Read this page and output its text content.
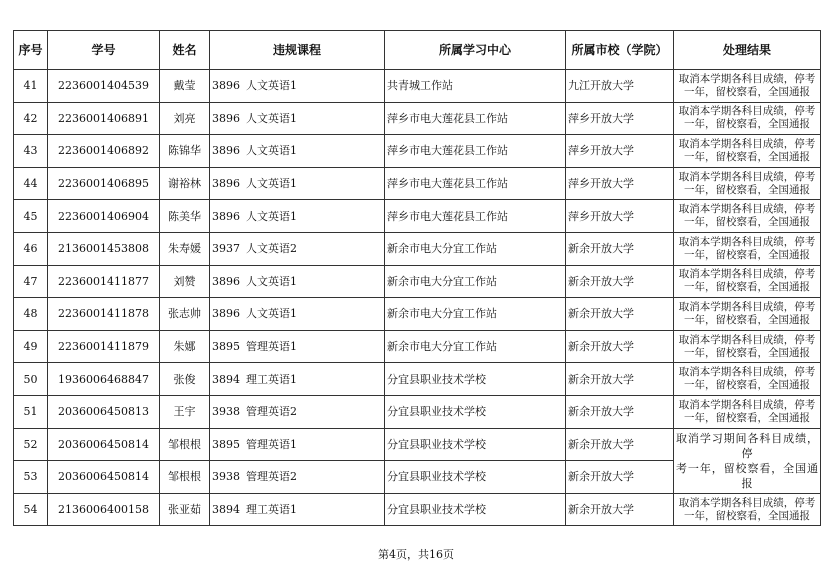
序号	学号	姓名	违规课程	所属学习中心	所属市校（学院）	处理结果
41	2236001404539	戴莹	3896 人文英语1	共青城工作站	九江开放大学	取消本学期各科目成绩，停考
一年，留校察看，全国通报

42	2236001406891	刘亮	3896 人文英语1	萍乡市电大莲花县工作站	萍乡开放大学	取消本学期各科目成绩，停考
一年，留校察看，全国通报

43	2236001406892	陈锦华	3896 人文英语1	萍乡市电大莲花县工作站	萍乡开放大学	取消本学期各科目成绩，停考
一年，留校察看，全国通报

44	2236001406895	谢裕林	3896 人文英语1	萍乡市电大莲花县工作站	萍乡开放大学	取消本学期各科目成绩，停考
一年，留校察看，全国通报

45	2236001406904	陈美华	3896 人文英语1	萍乡市电大莲花县工作站	萍乡开放大学	取消本学期各科目成绩，停考
一年，留校察看，全国通报

46	2136001453808	朱寿媛	3937 人文英语2	新余市电大分宜工作站	新余开放大学	取消本学期各科目成绩，停考
一年，留校察看，全国通报

47	2236001411877	刘赞	3896 人文英语1	新余市电大分宜工作站	新余开放大学	取消本学期各科目成绩，停考
一年，留校察看，全国通报

48	2236001411878	张志帅	3896 人文英语1	新余市电大分宜工作站	新余开放大学	取消本学期各科目成绩，停考
一年，留校察看，全国通报

49	2236001411879	朱娜	3895 管理英语1	新余市电大分宜工作站	新余开放大学	取消本学期各科目成绩，停考
一年，留校察看，全国通报

50	1936006468847	张俊	3894 理工英语1	分宜县职业技术学校	新余开放大学	取消本学期各科目成绩，停考
一年，留校察看，全国通报

51	2036006450813	王宇	3938 管理英语2	分宜县职业技术学校	新余开放大学	取消本学期各科目成绩，停考
一年，留校察看，全国通报

52	2036006450814	邹根根	3895 管理英语1	分宜县职业技术学校	新余开放大学	取消学习期间各科目成绩，停
考一年，留校察看，全国通报

53	2036006450814	邹根根	3938 管理英语2	分宜县职业技术学校	新余开放大学	
54	2136006400158	张亚茹	3894 理工英语1	分宜县职业技术学校	新余开放大学	取消本学期各科目成绩，停考
一年，留校察看，全国通报
第4页，共16页
